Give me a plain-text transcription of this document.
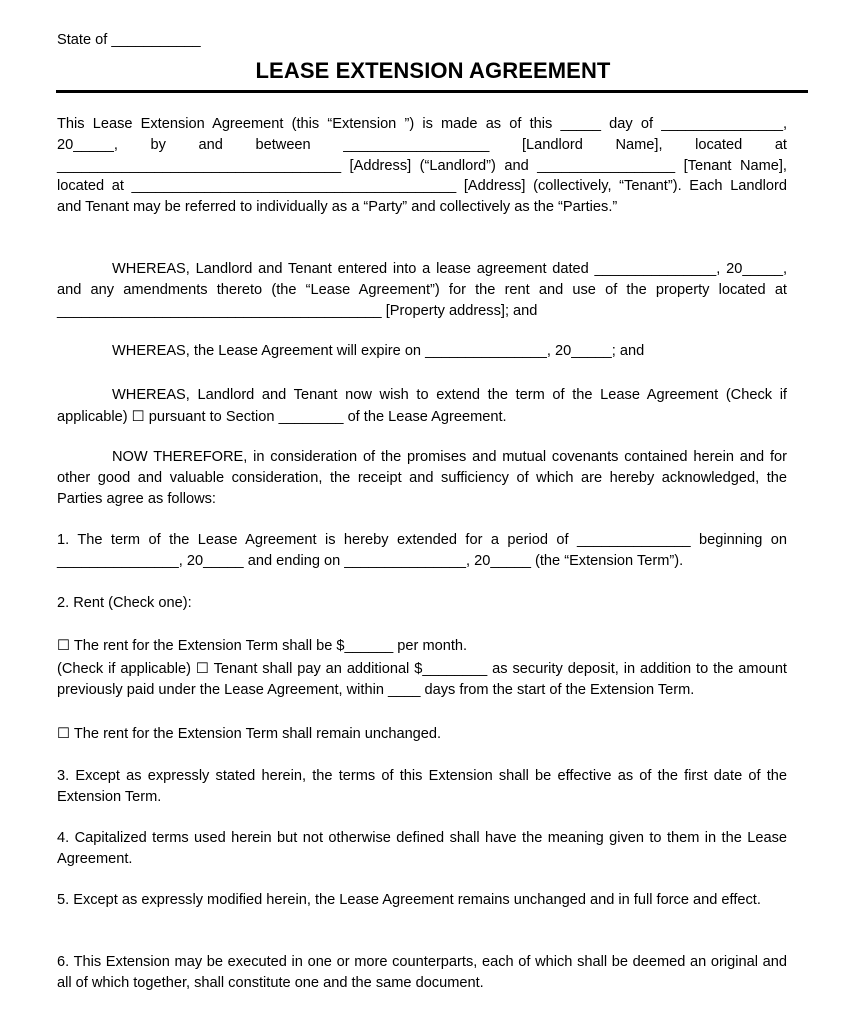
State of ___________
LEASE EXTENSION AGREEMENT

This Lease Extension Agreement (this “Extension ”) is made as of this _____ day of _______________, 20_____, by and between __________________ [Landlord Name], located at ___________________________________ [Address] (“Landlord”) and _________________ [Tenant Name], located at ________________________________________ [Address] (collectively, “Tenant”). Each Landlord and Tenant may be referred to individually as a “Party” and collectively as the “Parties.”

WHEREAS, Landlord and Tenant entered into a lease agreement dated _______________, 20_____, and any amendments thereto (the “Lease Agreement”) for the rent and use of the property located at ________________________________________ [Property address]; and

WHEREAS, the Lease Agreement will expire on _______________, 20_____; and

WHEREAS, Landlord and Tenant now wish to extend the term of the Lease Agreement (Check if applicable) ☐ pursuant to Section ________ of the Lease Agreement.

NOW THEREFORE, in consideration of the promises and mutual covenants contained herein and for other good and valuable consideration, the receipt and sufficiency of which are hereby acknowledged, the Parties agree as follows:

1. The term of the Lease Agreement is hereby extended for a period of ______________ beginning on _______________, 20_____ and ending on _______________, 20_____ (the “Extension Term”).

2. Rent (Check one):
☐ The rent for the Extension Term shall be $______ per month.

(Check if applicable) ☐ Tenant shall pay an additional $________ as security deposit, in addition to the amount previously paid under the Lease Agreement, within ____ days from the start of the Extension Term.

☐ The rent for the Extension Term shall remain unchanged.

3. Except as expressly stated herein, the terms of this Extension shall be effective as of the first date of the Extension Term.

4. Capitalized terms used herein but not otherwise defined shall have the meaning given to them in the Lease Agreement.

5. Except as expressly modified herein, the Lease Agreement remains unchanged and in full force and effect.

6. This Extension may be executed in one or more counterparts, each of which shall be deemed an original and all of which together, shall constitute one and the same document.
